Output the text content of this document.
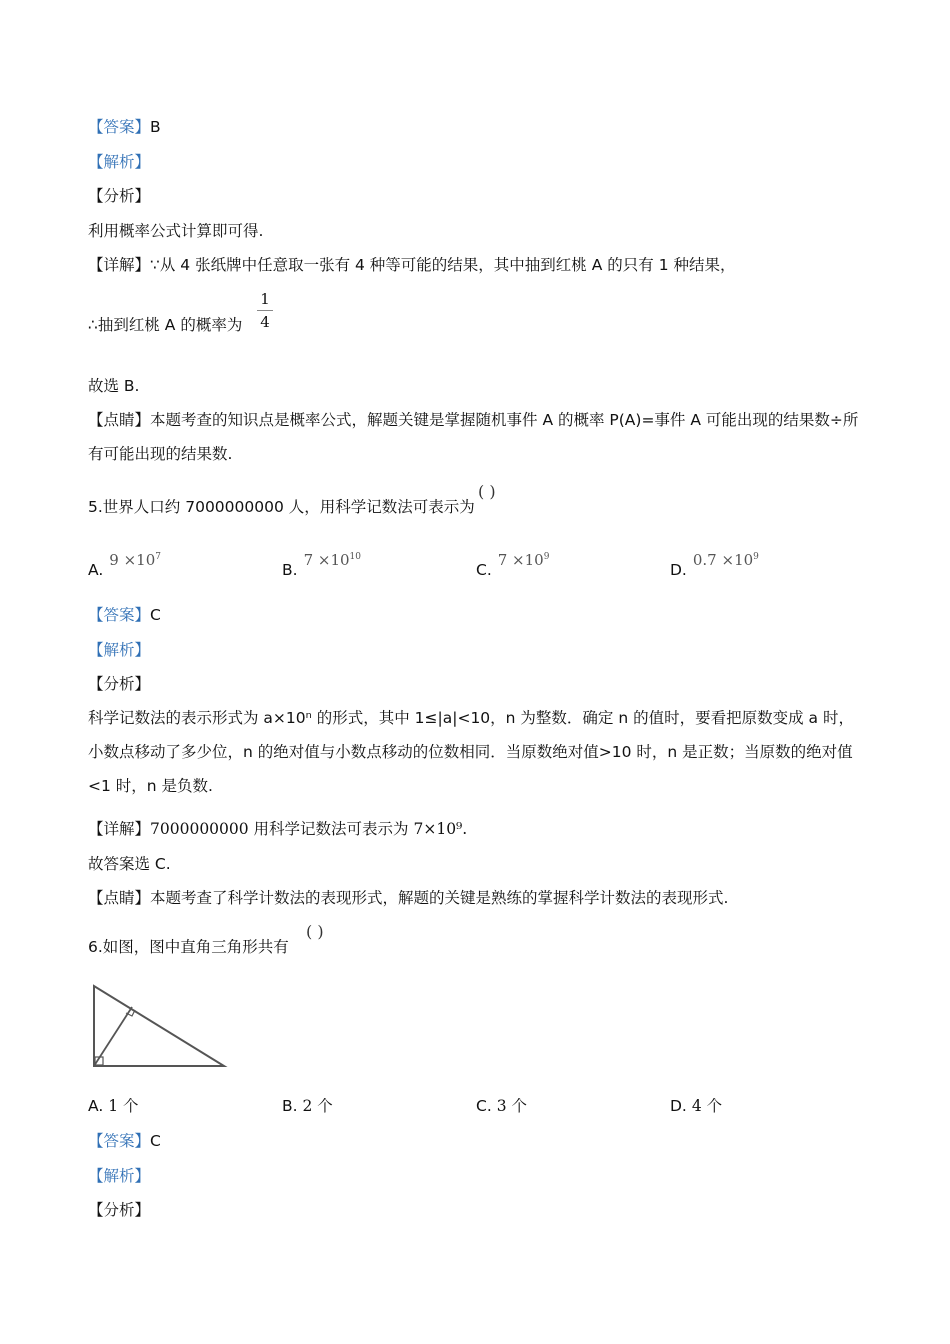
【答案】B
【解析】
【分析】
利用概率公式计算即可得.
【详解】∵从 4 张纸牌中任意取一张有 4 种等可能的结果，其中抽到红桃 A 的只有 1 种结果，
∴抽到红桃 A 的概率为
1
4
故选 B.
【点睛】本题考查的知识点是概率公式，解题关键是掌握随机事件 A 的概率 P(A)=事件 A 可能出现的结果数÷所有可能出现的结果数.
5.世界人口约 7000000000 人，用科学记数法可表示为
( )
$A.9 \times 10^7$
$B.7 \times 10^{10}$
$C.7 \times 10^9$
$D.0.7 \times 10^9$
【答案】C
【解析】
【分析】
科学记数法的表示形式为 a×10ⁿ 的形式，其中 1≤|a|<10，n 为整数．确定 n 的值时，要看把原数变成 a 时，小数点移动了多少位，n 的绝对值与小数点移动的位数相同．当原数绝对值>10 时，n 是正数；当原数的绝对值<1 时，n 是负数.
【详解】7000000000 用科学记数法可表示为 7×10⁹.
故答案选 C.
【点睛】本题考查了科学计数法的表现形式，解题的关键是熟练的掌握科学计数法的表现形式.
6.如图，图中直角三角形共有
( )
A. 1 个	B. 2 个	C. 3 个	D. 4 个
【答案】C
【解析】
【分析】
